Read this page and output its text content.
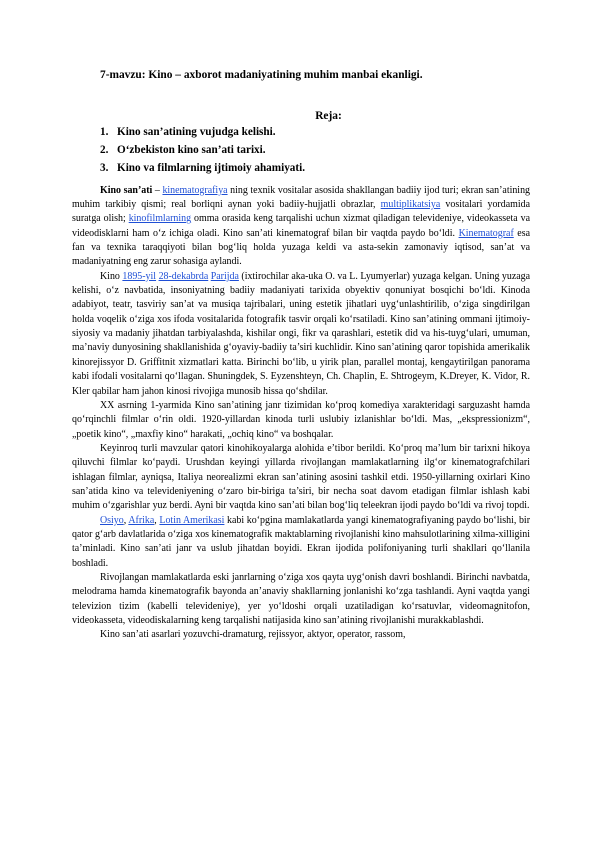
7-mavzu: Kino – axborot madaniyatining muhim manbai ekanligi.
Reja:
1. Kino san’atining vujudga kelishi.
2. O‘zbekiston kino san’ati tarixi.
3. Kino va filmlarning ijtimoiy ahamiyati.

Kino san’ati – kinematografiya ning texnik vositalar asosida shakllangan badiiy ijod turi; ekran san’atining muhim tarkibiy qismi; real borliqni aynan yoki badiiy-hujjatli obrazlar, multiplikatsiya vositalari yordamida suratga olish; kinofilmlarning omma orasida keng tarqalishi uchun xizmat qiladigan televideniye, videokasseta va videodisklarni ham o‘z ichiga oladi. Kino san’ati kinematograf bilan bir vaqtda paydo bo‘ldi. Kinematograf esa fan va texnika taraqqiyoti bilan bog‘liq holda yuzaga keldi va asta-sekin zamonaviy iqtisod, san’at va madaniyatning eng zarur sohasiga aylandi.

Kino 1895-yil 28-dekabrda Parijda (ixtirochilar aka-uka O. va L. Lyumyerlar) yuzaga kelgan. Uning yuzaga kelishi, o‘z navbatida, insoniyatning badiiy madaniyati tarixida obyektiv qonuniyat bosqichi bo‘ldi. Kinoda adabiyot, teatr, tasviriy san’at va musiqa tajribalari, uning estetik jihatlari uyg‘unlashtirilib, o‘ziga singdirilgan holda voqelik o‘ziga xos ifoda vositalarida fotografik tasvir orqali ko‘rsatiladi. Kino san’atining ommani ijtimoiy-siyosiy va madaniy jihatdan tarbiyalashda, kishilar ongi, fikr va qarashlari, estetik did va his-tuyg‘ulari, umuman, ma’naviy dunyosining shakllanishida g‘oyaviy-badiiy ta’siri kuchlidir. Kino san’atining qaror topishida amerikalik kinorejissyor D. Griffitnit xizmatlari katta. Birinchi bo‘lib, u yirik plan, parallel montaj, kengaytirilgan panorama kabi ifodali vositalarni qo‘llagan. Shuningdek, S. Eyzenshteyn, Ch. Chaplin, E. Shtrogeym, K.Dreyer, K. Vidor, R. Kler qabilar ham jahon kinosi rivojiga munosib hissa qo‘shdilar.

XX asrning 1-yarmida Kino san’atining janr tizimidan ko‘proq komediya xarakteridagi sarguzasht hamda qo‘rqinchli filmlar o‘rin oldi. 1920-yillardan kinoda turli uslubiy izlanishlar bo‘ldi. Mas, „ekspressionizm“, „poetik kino“, „maxfiy kino“ harakati, „ochiq kino“ va boshqalar.

Keyinroq turli mavzular qatori kinohikoyalarga alohida e’tibor berildi. Ko‘proq ma’lum bir tarixni hikoya qiluvchi filmlar ko‘paydi. Urushdan keyingi yillarda rivojlangan mamlakatlarning ilg‘or kinematografchilari ishlagan filmlar, ayniqsa, Italiya neorealizmi ekran san’atining asosini tashkil etdi. 1950-yillarning oxirlari Kino san’atida kino va televideniyening o‘zaro bir-biriga ta’siri, bir necha soat davom etadigan filmlar ishlash kabi muhim o‘zgarishlar yuz berdi. Ayni bir vaqtda kino san’ati bilan bog‘liq teleekran ijodi paydo bo‘ldi va rivoj topdi.

Osiyo, Afrika, Lotin Amerikasi kabi ko‘pgina mamlakatlarda yangi kinematografiyaning paydo bo‘lishi, bir qator g‘arb davlatlarida o‘ziga xos kinematografik maktablarning rivojlanishi kino mahsulotlarining xilma-xilligini ta’minladi. Kino san’ati janr va uslub jihatdan boyidi. Ekran ijodida polifoniyaning turli shakllari qo‘llanila boshladi.

Rivojlangan mamlakatlarda eski janrlarning o‘ziga xos qayta uyg‘onish davri boshlandi. Birinchi navbatda, melodrama hamda kinematografik bayonda an’anaviy shakllarning jonlanishi ko‘zga tashlandi. Ayni vaqtda yangi televizion tizim (kabelli televideniye), yer yo‘ldoshi orqali uzatiladigan ko‘rsatuvlar, videomagnitofon, videokasseta, videodiskalarning keng tarqalishi natijasida kino san’atining rivojlanishi murakkablashdi.

Kino san’ati asarlari yozuvchi-dramaturg, rejissyor, aktyor, operator, rassom,
